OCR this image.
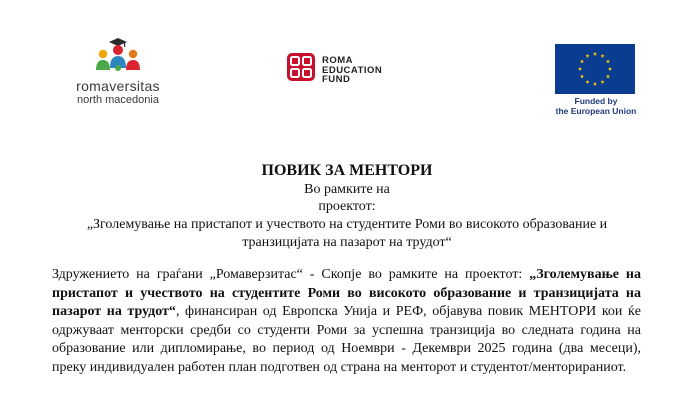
romaversitas
north macedonia
ROMA
EDUCATION
FUND
Funded by
the European Union
ПОВИК ЗА МЕНТОРИ
Во рамките на
проектот:
„Зголемување на пристапот и учеството на студентите Роми во високото образование и
транзицијата на пазарот на трудот“
Здружението на граѓани „Ромаверзитас“ - Скопје во рамките на проектот: „Зголемување на пристапот и учеството на студентите Роми во високото образование и транзицијата на пазарот на трудот“, финансиран од Европска Унија и РЕФ, објавува повик МЕНТОРИ кои ќе одржуваат менторски средби со студенти Роми за успешна транзиција во следната година на образование или дипломирање, во период од Ноември - Декември 2025 година (два месеци), преку индивидуален работен план подготвен од страна на менторот и студентот/менторираниот.
